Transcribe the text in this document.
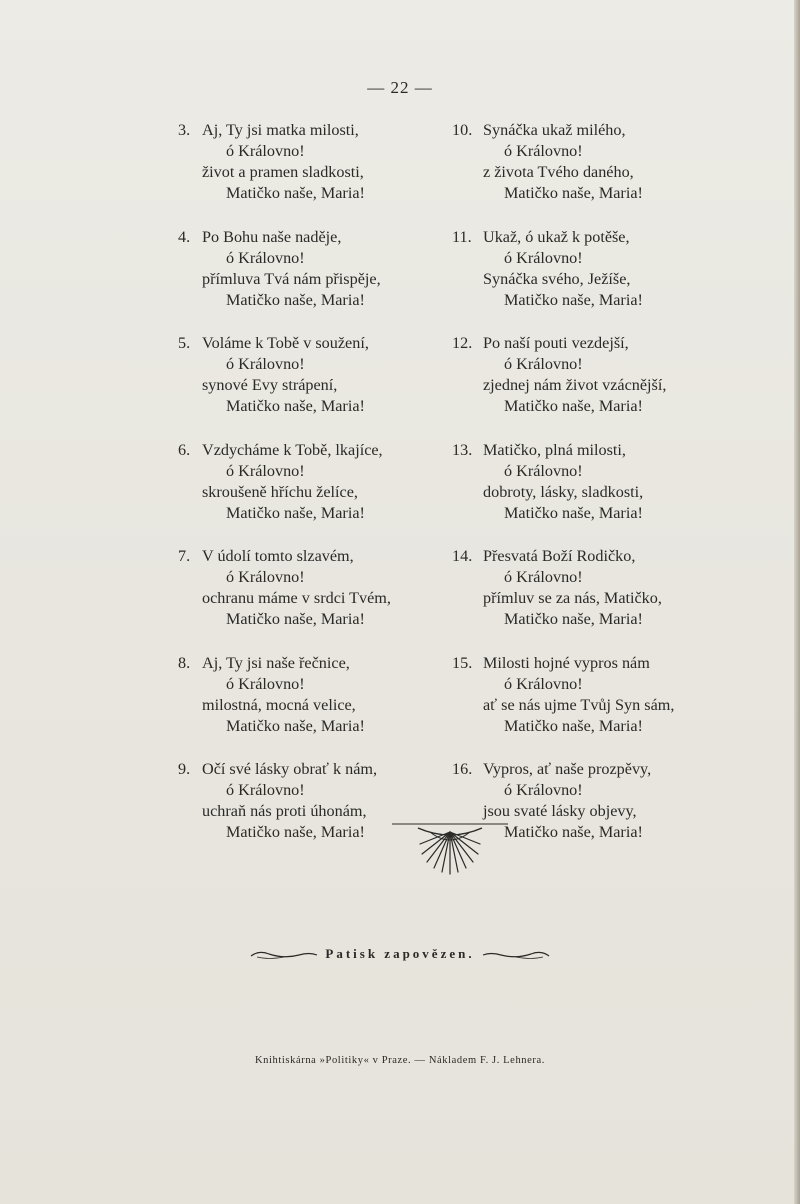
— 22 —
3. Aj, Ty jsi matka milosti,
ó Královno!
život a pramen sladkosti,
Matičko naše, Maria!
4. Po Bohu naše naděje,
ó Královno!
přímluva Tvá nám přispěje,
Matičko naše, Maria!
5. Voláme k Tobě v soužení,
ó Královno!
synové Evy strápení,
Matičko naše, Maria!
6. Vzdycháme k Tobě, lkajíce,
ó Královno!
skroušeně hříchu želíce,
Matičko naše, Maria!
7. V údolí tomto slzavém,
ó Královno!
ochranu máme v srdci Tvém,
Matičko naše, Maria!
8. Aj, Ty jsi naše řečnice,
ó Královno!
milostná, mocná velice,
Matičko naše, Maria!
9. Očí své lásky obrať k nám,
ó Královno!
uchraň nás proti úhonám,
Matičko naše, Maria!
10. Synáčka ukaž milého,
ó Královno!
z života Tvého daného,
Matičko naše, Maria!
11. Ukaž, ó ukaž k potěše,
ó Královno!
Synáčka svého, Ježíše,
Matičko naše, Maria!
12. Po naší pouti vezdejší,
ó Královno!
zjednej nám život vzácnější,
Matičko naše, Maria!
13. Matičko, plná milosti,
ó Královno!
dobroty, lásky, sladkosti,
Matičko naše, Maria!
14. Přesvatá Boží Rodičko,
ó Královno!
přímluv se za nás, Matičko,
Matičko naše, Maria!
15. Milosti hojné vypros nám
ó Královno!
ať se nás ujme Tvůj Syn sám,
Matičko naše, Maria!
16. Vypros, ať naše prozpěvy,
ó Královno!
jsou svaté lásky objevy,
Matičko naše, Maria!
Patisk zapovězen.
Knihtiskárna »Politiky« v Praze. — Nákladem F. J. Lehnera.
